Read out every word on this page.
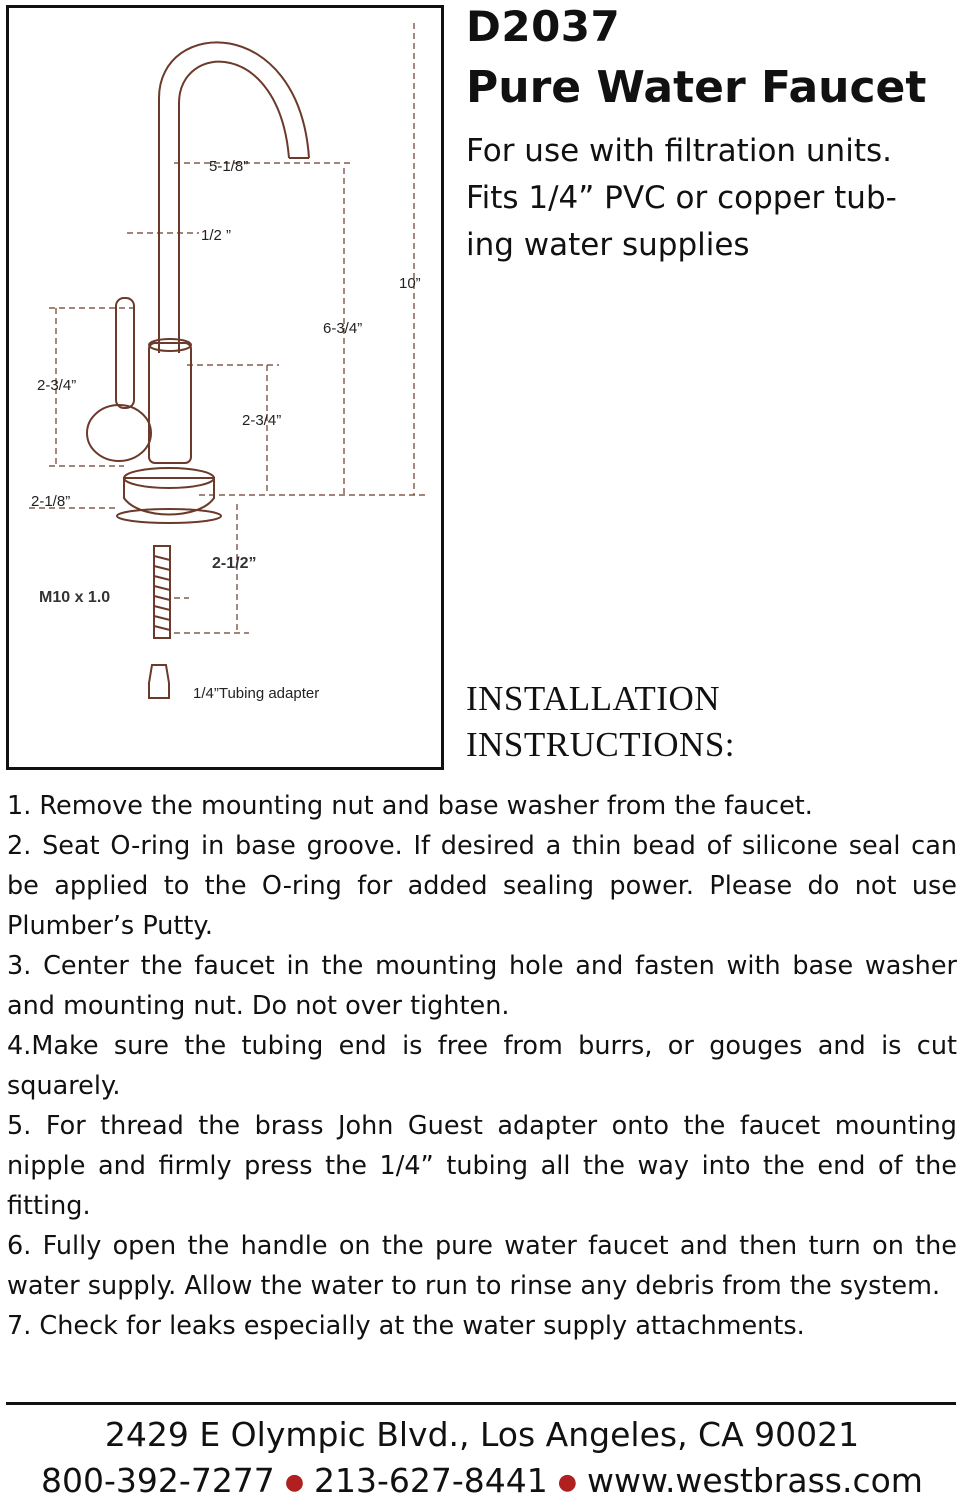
5-1/8”
1/2 ”
10”
6-3/4”
2-3/4”
2-3/4”
2-1/8”
2-1/2”
M10 x 1.0
1/4”Tubing adapter
D2037
Pure Water Faucet
For use with filtration units.
Fits 1/4” PVC or copper tub-
ing water supplies
INSTALLATION
INSTRUCTIONS:

1. Remove the mounting nut and base washer from the faucet.

2. Seat O-ring in base groove. If desired a thin bead of silicone seal can be applied to the O-ring for added sealing power. Please do not use Plumber’s Putty.

3. Center the faucet in the mounting hole and fasten with base washer and mounting nut. Do not over tighten.

4.Make sure the tubing end is free from burrs, or gouges and is cut squarely.

5. For thread the brass John Guest adapter onto the faucet mounting nipple and firmly press the 1/4” tubing all the way into the end of the fitting.

6. Fully open the handle on the pure water faucet and then turn on the water supply. Allow the water to run to rinse any debris from the system.

7. Check for leaks especially at the water supply attachments.

2429 E Olympic Blvd., Los Angeles, CA 90021
800-392-7277 ● 213-627-8441 ● www.westbrass.com
